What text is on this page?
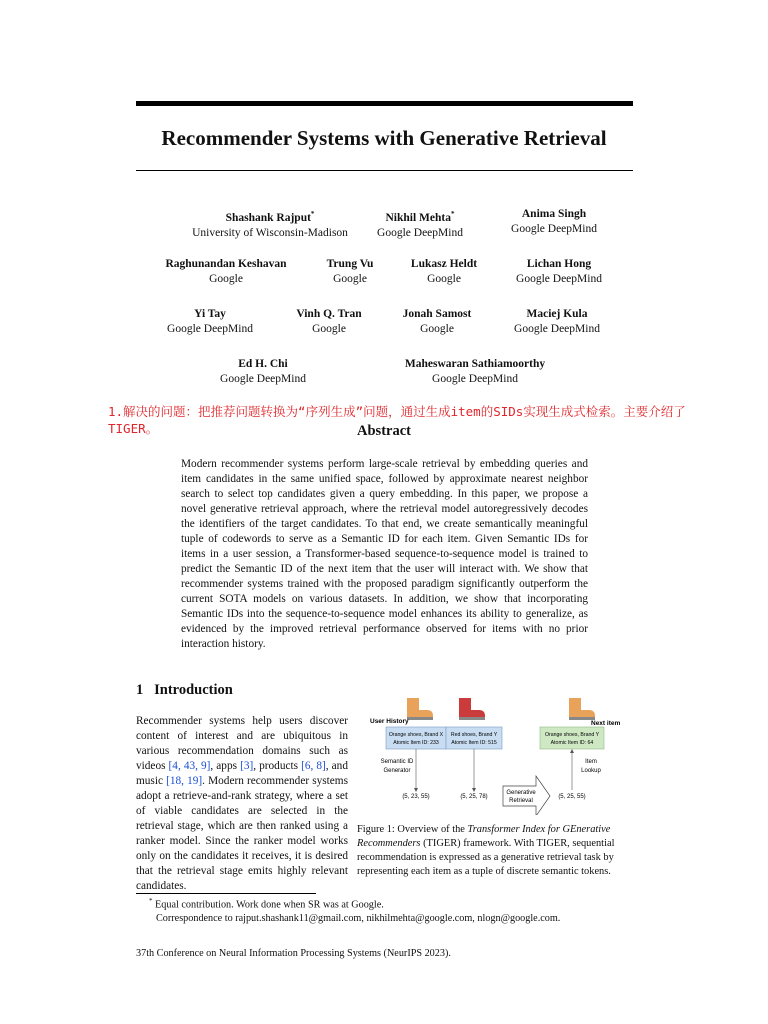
Recommender Systems with Generative Retrieval
Shashank Rajput*
University of Wisconsin-Madison
Nikhil Mehta*
Google DeepMind
Anima Singh
Google DeepMind
Raghunandan Keshavan
Google
Trung Vu
Google
Lukasz Heldt
Google
Lichan Hong
Google DeepMind
Yi Tay
Google DeepMind
Vinh Q. Tran
Google
Jonah Samost
Google
Maciej Kula
Google DeepMind
Ed H. Chi
Google DeepMind
Maheswaran Sathiamoorthy
Google DeepMind
1.解决的问题：把推荐问题转换为“序列生成”问题，通过生成item的SIDs实现生成式检索。主要介绍了TIGER。	Abstract
Modern recommender systems perform large-scale retrieval by embedding queries and item candidates in the same unified space, followed by approximate nearest neighbor search to select top candidates given a query embedding. In this paper, we propose a novel generative retrieval approach, where the retrieval model autoregressively decodes the identifiers of the target candidates. To that end, we create semantically meaningful tuple of codewords to serve as a Semantic ID for each item. Given Semantic IDs for items in a user session, a Transformer-based sequence-to-sequence model is trained to predict the Semantic ID of the next item that the user will interact with. We show that recommender systems trained with the proposed paradigm significantly outperform the current SOTA models on various datasets. In addition, we show that incorporating Semantic IDs into the sequence-to-sequence model enhances its ability to generalize, as evidenced by the improved retrieval performance observed for items with no prior interaction history.
1 Introduction
Recommender systems help users discover content of interest and are ubiquitous in various recommendation domains such as videos [4, 43, 9], apps [3], products [6, 8], and music [18, 19]. Modern recommender systems adopt a retrieve-and-rank strategy, where a set of viable candidates are selected in the retrieval stage, which are then ranked using a ranker model. Since the ranker model works only on the candidates it receives, it is desired that the retrieval stage emits highly relevant candidates.
User History	Next item
Orange shoes, Brand X
Atomic Item ID: 233
Red shoes, Brand Y
Atomic Item ID: 515
Orange shoes, Brand Y
Atomic Item ID: 64
Semantic ID
Generator
Item
Lookup
Generative
Retrieval
(5, 23, 55)	(5, 25, 78)	(5, 25, 55)
Figure 1: Overview of the Transformer Index for GEnerative Recommenders (TIGER) framework. With TIGER, sequential recommendation is expressed as a generative retrieval task by representing each item as a tuple of discrete semantic tokens.
* Equal contribution. Work done when SR was at Google.
Correspondence to rajput.shashank11@gmail.com, nikhilmehta@google.com, nlogn@google.com.
37th Conference on Neural Information Processing Systems (NeurIPS 2023).
